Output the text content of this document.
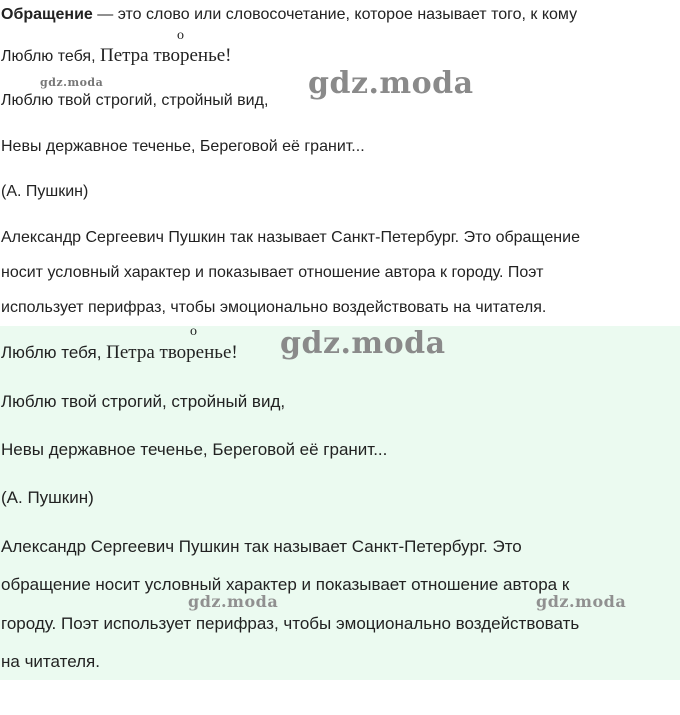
Обращение — это слово или словосочетание, которое называет того, к кому

Люблю тебя, Петра творенье!

о
gdz.moda	gdz.moda

Люблю твой строгий, стройный вид,

Невы державное теченье, Береговой её гранит...

(А. Пушкин)

Александр Сергеевич Пушкин так называет Санкт-Петербург. Это обращение

носит условный характер и показывает отношение автора к городу. Поэт

использует перифраз, чтобы эмоционально воздействовать на читателя.

Люблю тебя, Петра творенье!

о	gdz.moda

Люблю твой строгий, стройный вид,

Невы державное теченье, Береговой её гранит...

(А. Пушкин)

Александр Сергеевич Пушкин так называет Санкт-Петербург. Это

обращение носит условный характер и показывает отношение автора к

gdz.moda	gdz.moda

городу. Поэт использует перифраз, чтобы эмоционально воздействовать

на читателя.
